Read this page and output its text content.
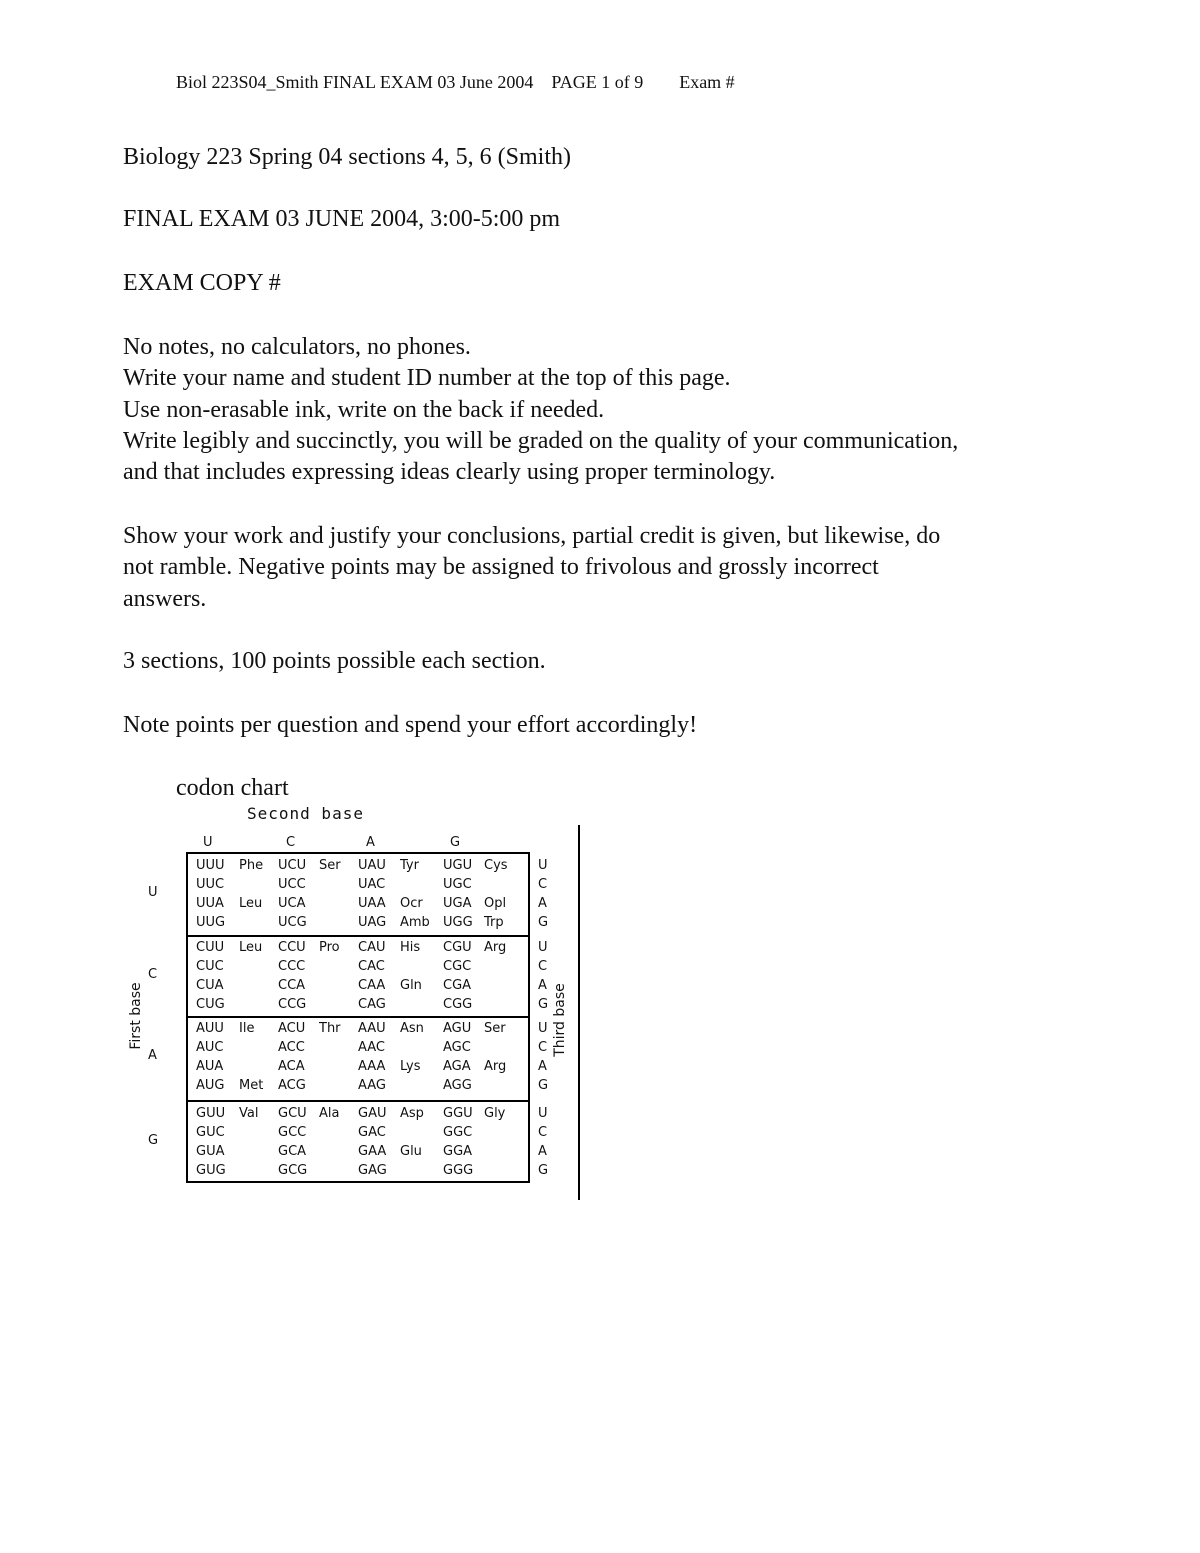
Biol 223S04_Smith FINAL EXAM 03 June 2004    PAGE 1 of 9        Exam #
Biology 223 Spring 04 sections 4, 5, 6 (Smith)
FINAL EXAM 03 JUNE 2004, 3:00-5:00 pm
EXAM COPY #
No notes, no calculators, no phones.
Write your name and student ID number at the top of this page.
Use non-erasable ink, write on the back if needed.
Write legibly and succinctly, you will be graded on the quality of your communication,
and that includes expressing ideas clearly using proper terminology.
Show your work and justify your conclusions, partial credit is given, but likewise, do
not ramble. Negative points may be assigned to frivolous and grossly incorrect
answers.
3 sections, 100 points possible each section.
Note points per question and spend your effort accordingly!
codon chart
Second base
U	C	A	G
U
C
A
G
First base	Third base
UUU Phe UCU Ser UAU Tyr UGU Cys U
UUC	UCC	UAC	UGC	C
UUA Leu UCA	UAA Ocr UGA Opl A
UUG	UCG	UAG Amb UGG Trp	G
CUU Leu CCU Pro CAU His CGU Arg U
CUC	CCC	CAC	CGC	C
CUA	CCA	CAA Gln CGA	A
CUG	CCG	CAG	CGG	G
AUU Ile ACU Thr AAU Asn AGU Ser U
AUC	ACC	AAC	AGC	C
AUA	ACA	AAA Lys AGA Arg A
AUG Met ACG	AAG	AGG	G
GUU Val GCU Ala GAU Asp GGU Gly	U
GUC	GCC	GAC	GGC	C
GUA	GCA	GAA Glu GGA	A
GUG	GCG	GAG	GGG	G
